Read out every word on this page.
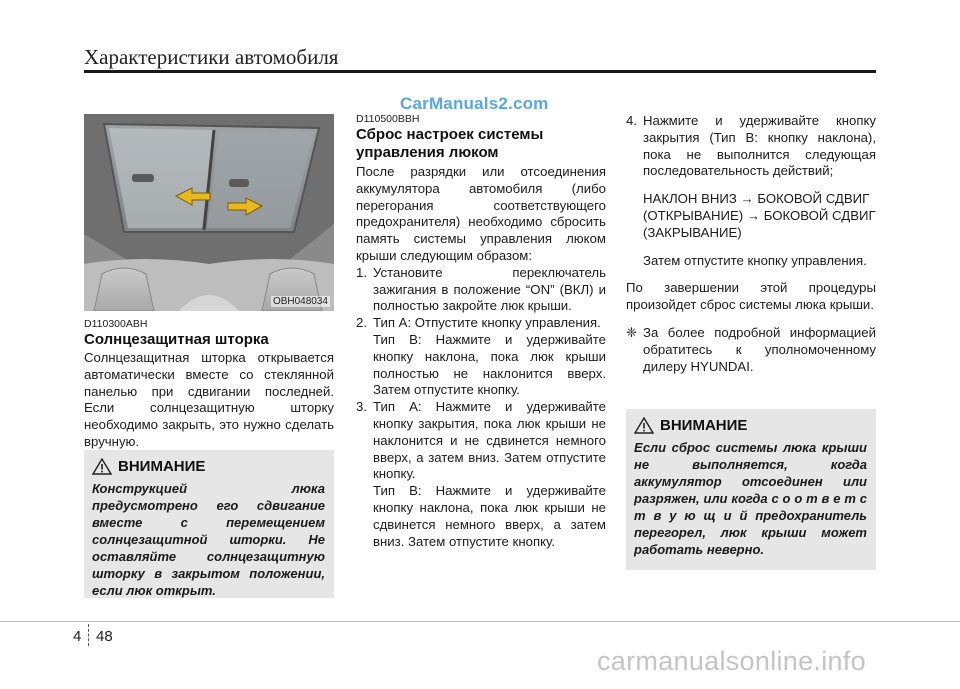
Характеристики автомобиля
CarManuals2.com
OBH048034
D110300ABH
Солнцезащитная шторка
Солнцезащитная шторка открывается автоматически вместе со стеклянной панелью при сдвигании последней. Если солнцезащитную шторку необходимо закрыть, это нужно сделать вручную.
ВНИМАНИЕ
Конструкцией люка предусмотрено его сдвигание вместе с перемещением солнцезащитной шторки. Не оставляйте солнцезащитную шторку в закрытом положении, если люк открыт.
D110500BBH
Сброс настроек системы
управления люком

После разрядки или отсоединения аккумулятора автомобиля (либо перегорания соответствующего предохранителя) необходимо сбросить память системы управления люком крыши следующим образом:

1. Установите переключатель зажигания в положение “ON” (ВКЛ) и полностью закройте люк крыши.
2. Тип А: Отпустите кнопку управления.
Тип В: Нажмите и удерживайте кнопку наклона, пока люк крыши полностью не наклонится вверх. Затем отпустите кнопку.
3. Тип А: Нажмите и удерживайте кнопку закрытия, пока люк крыши не наклонится и не сдвинется немного вверх, а затем вниз. Затем отпустите кнопку.
Тип В: Нажмите и удерживайте кнопку наклона, пока люк крыши не сдвинется немного вверх, а затем вниз. Затем отпустите кнопку.
4. Нажмите и удерживайте кнопку закрытия (Тип В: кнопку наклона), пока не выполнится следующая последовательность действий;

НАКЛОН ВНИЗ → БОКОВОЙ СДВИГ (ОТКРЫВАНИЕ) → БОКОВОЙ СДВИГ (ЗАКРЫВАНИЕ)

Затем отпустите кнопку управления.

По завершении этой процедуры произойдет сброс системы люка крыши.

❈ За более подробной информацией обратитесь к уполномоченному дилеру HYUNDAI.
ВНИМАНИЕ
Если сброс системы люка крыши не выполняется, когда аккумулятор отсоединен или разряжен, или когда с о о т в е т с т в у ю щ и й предохранитель перегорел, люк крыши может работать неверно.
4 48
carmanualsonline.info
